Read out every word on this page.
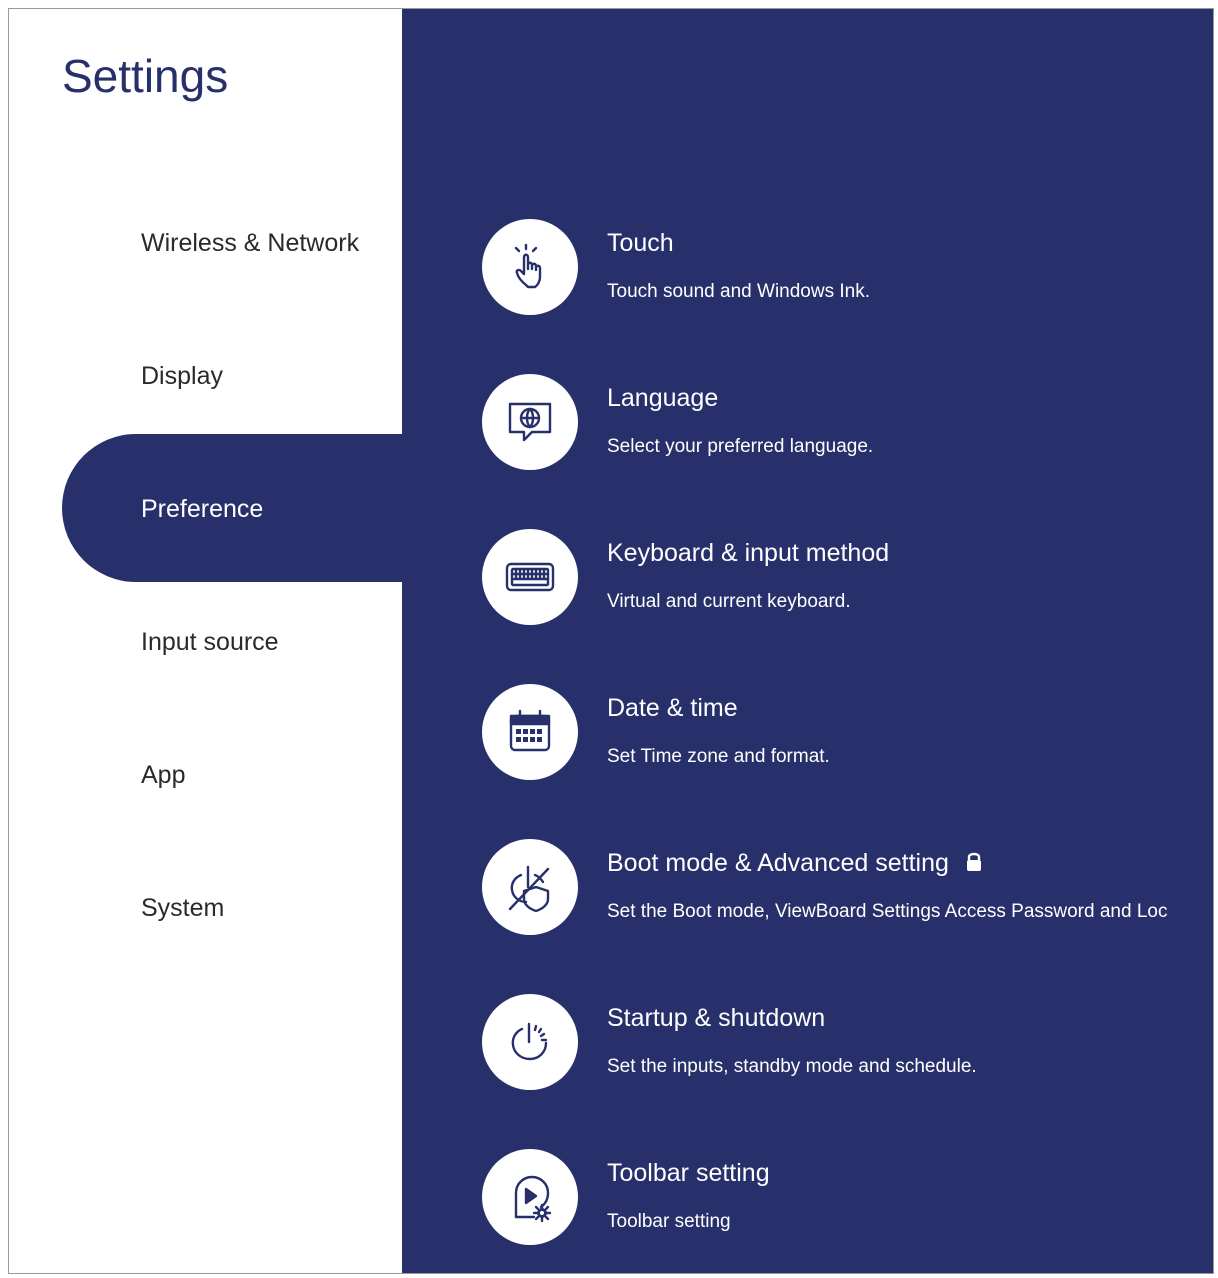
Settings
Touch
Touch sound and Windows Ink.
Language
Select your preferred language.
Keyboard & input method
Virtual and current keyboard.
Date & time
Set Time zone and format.
Boot mode & Advanced setting
Set the Boot mode, ViewBoard Settings Access Password and Loc
Startup & shutdown
Set the inputs, standby mode and schedule.
Toolbar setting
Toolbar setting
Wireless & Network
Display
Preference
Input source
App
System
